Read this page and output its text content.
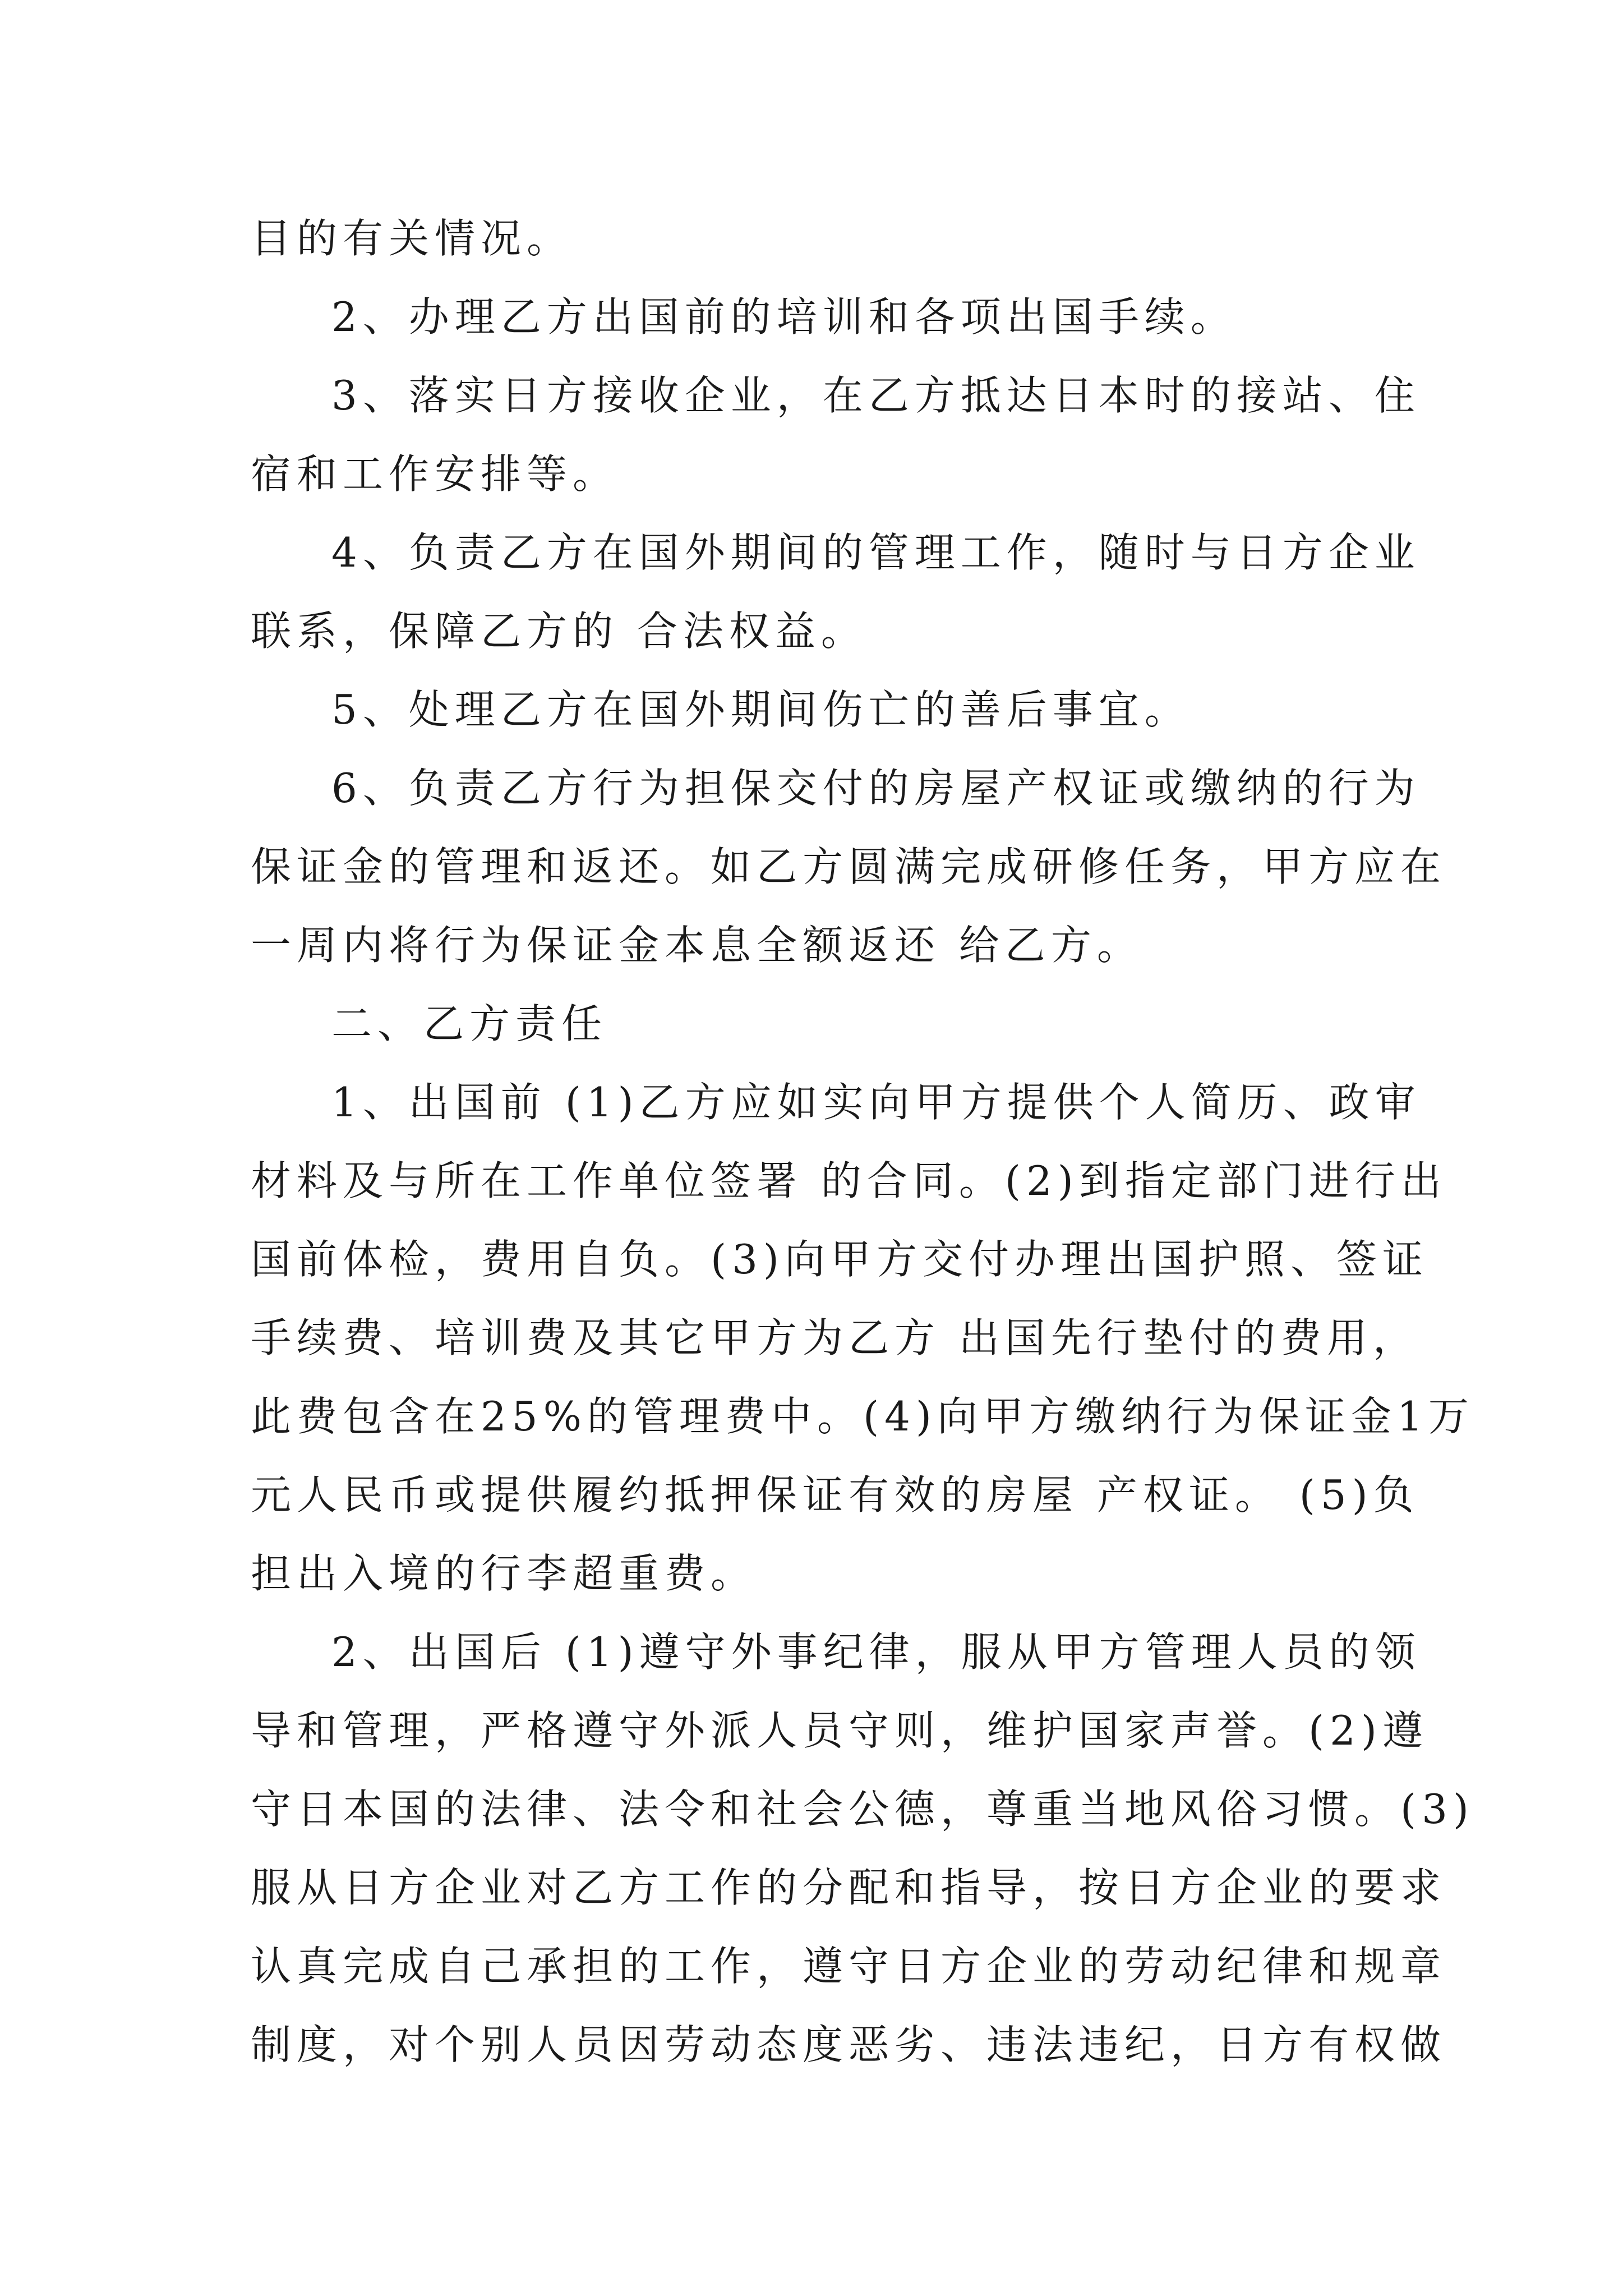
目的有关情况。
2、办理乙方出国前的培训和各项出国手续。
3、落实日方接收企业，在乙方抵达日本时的接站、住
宿和工作安排等。
4、负责乙方在国外期间的管理工作，随时与日方企业
联系，保障乙方的 合法权益。
5、处理乙方在国外期间伤亡的善后事宜。
6、负责乙方行为担保交付的房屋产权证或缴纳的行为
保证金的管理和返还。如乙方圆满完成研修任务，甲方应在
一周内将行为保证金本息全额返还 给乙方。
二、乙方责任
1、出国前 (1)乙方应如实向甲方提供个人简历、政审
材料及与所在工作单位签署 的合同。(2)到指定部门进行出
国前体检，费用自负。(3)向甲方交付办理出国护照、签证
手续费、培训费及其它甲方为乙方 出国先行垫付的费用，
此费包含在25%的管理费中。(4)向甲方缴纳行为保证金1万
元人民币或提供履约抵押保证有效的房屋 产权证。 (5)负
担出入境的行李超重费。
2、出国后 (1)遵守外事纪律，服从甲方管理人员的领
导和管理，严格遵守外派人员守则，维护国家声誉。(2)遵
守日本国的法律、法令和社会公德，尊重当地风俗习惯。(3)
服从日方企业对乙方工作的分配和指导，按日方企业的要求
认真完成自己承担的工作，遵守日方企业的劳动纪律和规章
制度，对个别人员因劳动态度恶劣、违法违纪，日方有权做
